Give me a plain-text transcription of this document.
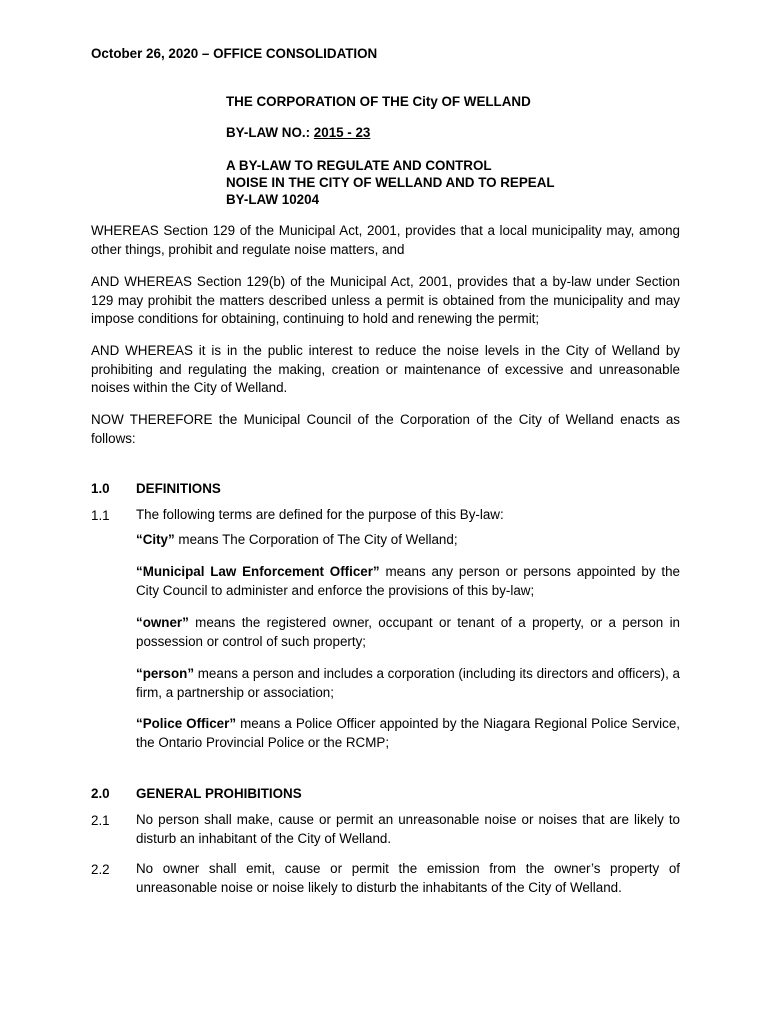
October 26, 2020 – OFFICE CONSOLIDATION
THE CORPORATION OF THE City OF WELLAND
BY-LAW NO.: 2015 - 23
A BY-LAW TO REGULATE AND CONTROL
NOISE IN THE CITY OF WELLAND AND TO REPEAL
BY-LAW 10204

WHEREAS Section 129 of the Municipal Act, 2001, provides that a local municipality may, among other things, prohibit and regulate noise matters, and

AND WHEREAS Section 129(b) of the Municipal Act, 2001, provides that a by-law under Section 129 may prohibit the matters described unless a permit is obtained from the municipality and may impose conditions for obtaining, continuing to hold and renewing the permit;

AND WHEREAS it is in the public interest to reduce the noise levels in the City of Welland by prohibiting and regulating the making, creation or maintenance of excessive and unreasonable noises within the City of Welland.

NOW THEREFORE the Municipal Council of the Corporation of the City of Welland enacts as follows:

1.0 DEFINITIONS
1.1 The following terms are defined for the purpose of this By-law:

“City” means The Corporation of The City of Welland;

“Municipal Law Enforcement Officer” means any person or persons appointed by the City Council to administer and enforce the provisions of this by-law;

“owner” means the registered owner, occupant or tenant of a property, or a person in possession or control of such property;

“person” means a person and includes a corporation (including its directors and officers), a firm, a partnership or association;

“Police Officer” means a Police Officer appointed by the Niagara Regional Police Service, the Ontario Provincial Police or the RCMP;

2.0 GENERAL PROHIBITIONS
2.1 No person shall make, cause or permit an unreasonable noise or noises that are likely to disturb an inhabitant of the City of Welland.

2.2 No owner shall emit, cause or permit the emission from the owner’s property of unreasonable noise or noise likely to disturb the inhabitants of the City of Welland.
